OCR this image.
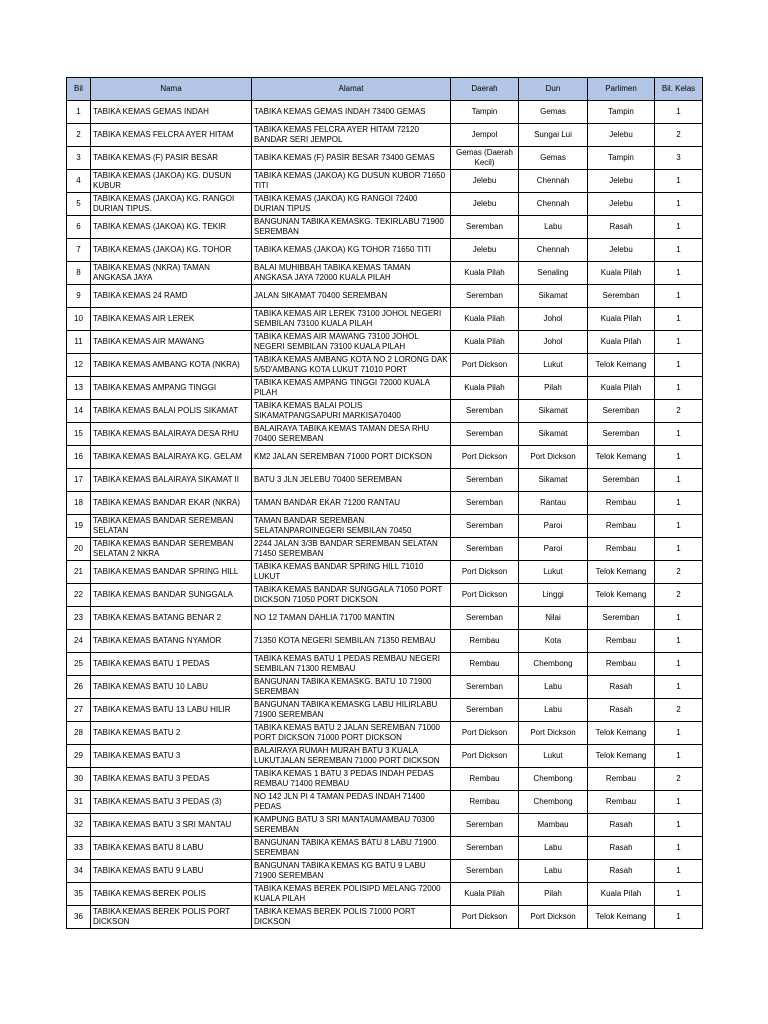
Bil	Nama	Alamat	Daerah	Dun	Parlimen	Bil. Kelas
1	TABIKA KEMAS GEMAS INDAH	TABIKA KEMAS GEMAS INDAH 73400 GEMAS	Tampin	Gemas	Tampin	1
2	TABIKA KEMAS FELCRA AYER HITAM	TABIKA KEMAS FELCRA AYER HITAM 72120 BANDAR SERI JEMPOL	Jempol	Sungai Lui	Jelebu	2
3	TABIKA KEMAS (F) PASIR BESAR	TABIKA KEMAS (F) PASIR BESAR 73400 GEMAS	Gemas (Daerah Kecil)	Gemas	Tampin	3
4	TABIKA KEMAS (JAKOA) KG. DUSUN KUBUR	TABIKA KEMAS (JAKOA) KG DUSUN KUBOR 71650 TITI	Jelebu	Chennah	Jelebu	1
5	TABIKA KEMAS (JAKOA) KG. RANGOI DURIAN TIPUS.	TABIKA KEMAS (JAKOA) KG RANGOI 72400 DURIAN TIPUS	Jelebu	Chennah	Jelebu	1
6	TABIKA KEMAS (JAKOA) KG. TEKIR	BANGUNAN TABIKA KEMASKG. TEKIRLABU 71900 SEREMBAN	Seremban	Labu	Rasah	1
7	TABIKA KEMAS (JAKOA) KG. TOHOR	TABIKA KEMAS (JAKOA) KG TOHOR 71650 TITI	Jelebu	Chennah	Jelebu	1
8	TABIKA KEMAS (NKRA) TAMAN ANGKASA JAYA	BALAI MUHIBBAH TABIKA KEMAS TAMAN ANGKASA JAYA 72000 KUALA PILAH	Kuala Pilah	Senaling	Kuala Pilah	1
9	TABIKA KEMAS 24 RAMD	JALAN SIKAMAT 70400 SEREMBAN	Seremban	Sikamat	Seremban	1
10	TABIKA KEMAS AIR LEREK	TABIKA KEMAS AIR LEREK 73100 JOHOL NEGERI SEMBILAN 73100 KUALA PILAH	Kuala Pilah	Johol	Kuala Pilah	1
11	TABIKA KEMAS AIR MAWANG	TABIKA KEMAS AIR MAWANG 73100 JOHOL NEGERI SEMBILAN 73100 KUALA PILAH	Kuala Pilah	Johol	Kuala Pilah	1
12	TABIKA KEMAS AMBANG KOTA (NKRA)	TABIKA KEMAS AMBANG KOTA NO 2 LORONG DAK 5/5D'AMBANG KOTA LUKUT 71010 PORT	Port Dickson	Lukut	Telok Kemang	1
13	TABIKA KEMAS AMPANG TINGGI	TABIKA KEMAS AMPANG TINGGI 72000 KUALA PILAH	Kuala Pilah	Pilah	Kuala Pilah	1
14	TABIKA KEMAS BALAI POLIS SIKAMAT	TABIKA KEMAS BALAI POLIS SIKAMATPANGSAPURI MARKISA70400	Seremban	Sikamat	Seremban	2
15	TABIKA KEMAS BALAIRAYA DESA RHU	BALAIRAYA TABIKA KEMAS TAMAN DESA RHU 70400 SEREMBAN	Seremban	Sikamat	Seremban	1
16	TABIKA KEMAS BALAIRAYA KG. GELAM	KM2 JALAN SEREMBAN 71000 PORT DICKSON	Port Dickson	Port Dickson	Telok Kemang	1
17	TABIKA KEMAS BALAIRAYA SIKAMAT II	BATU 3 JLN JELEBU 70400 SEREMBAN	Seremban	Sikamat	Seremban	1
18	TABIKA KEMAS BANDAR EKAR (NKRA)	TAMAN BANDAR EKAR 71200 RANTAU	Seremban	Rantau	Rembau	1
19	TABIKA KEMAS BANDAR SEREMBAN SELATAN	TAMAN BANDAR SEREMBAN SELATANPAROINEGERI SEMBILAN 70450	Seremban	Paroi	Rembau	1
20	TABIKA KEMAS BANDAR SEREMBAN SELATAN 2 NKRA	2244 JALAN 3/3B BANDAR SEREMBAN SELATAN 71450 SEREMBAN	Seremban	Paroi	Rembau	1
21	TABIKA KEMAS BANDAR SPRING HILL	TABIKA KEMAS BANDAR SPRING HILL 71010 LUKUT	Port Dickson	Lukut	Telok Kemang	2
22	TABIKA KEMAS BANDAR SUNGGALA	TABIKA KEMAS BANDAR SUNGGALA 71050 PORT DICKSON 71050 PORT DICKSON	Port Dickson	Linggi	Telok Kemang	2
23	TABIKA KEMAS BATANG BENAR 2	NO 12 TAMAN DAHLIA 71700 MANTIN	Seremban	Nilai	Seremban	1
24	TABIKA KEMAS BATANG NYAMOR	71350 KOTA NEGERI SEMBILAN 71350 REMBAU	Rembau	Kota	Rembau	1
25	TABIKA KEMAS BATU 1 PEDAS	TABIKA KEMAS BATU 1 PEDAS REMBAU NEGERI SEMBILAN 71300 REMBAU	Rembau	Chembong	Rembau	1
26	TABIKA KEMAS BATU 10 LABU	BANGUNAN TABIKA KEMASKG. BATU 10 71900 SEREMBAN	Seremban	Labu	Rasah	1
27	TABIKA KEMAS BATU 13 LABU HILIR	BANGUNAN TABIKA KEMASKG LABU HILIRLABU 71900 SEREMBAN	Seremban	Labu	Rasah	2
28	TABIKA KEMAS BATU 2	TABIKA KEMAS BATU 2 JALAN SEREMBAN 71000 PORT DICKSON 71000 PORT DICKSON	Port Dickson	Port Dickson	Telok Kemang	1
29	TABIKA KEMAS BATU 3	BALAIRAYA RUMAH MURAH BATU 3 KUALA LUKUTJALAN SEREMBAN 71000 PORT DICKSON	Port Dickson	Lukut	Telok Kemang	1
30	TABIKA KEMAS BATU 3 PEDAS	TABIKA KEMAS 1 BATU 3 PEDAS INDAH PEDAS REMBAU 71400 REMBAU	Rembau	Chembong	Rembau	2
31	TABIKA KEMAS BATU 3 PEDAS (3)	NO 142 JLN PI 4 TAMAN PEDAS INDAH 71400 PEDAS	Rembau	Chembong	Rembau	1
32	TABIKA KEMAS BATU 3 SRI MANTAU	KAMPUNG BATU 3 SRI MANTAUMAMBAU 70300 SEREMBAN	Seremban	Mambau	Rasah	1
33	TABIKA KEMAS BATU 8 LABU	BANGUNAN TABIKA KEMAS BATU 8 LABU 71900 SEREMBAN	Seremban	Labu	Rasah	1
34	TABIKA KEMAS BATU 9 LABU	BANGUNAN TABIKA KEMAS KG BATU 9 LABU 71900 SEREMBAN	Seremban	Labu	Rasah	1
35	TABIKA KEMAS BEREK POLIS	TABIKA KEMAS BEREK POLISIPD MELANG 72000 KUALA PILAH	Kuala Pilah	Pilah	Kuala Pilah	1
36	TABIKA KEMAS BEREK POLIS PORT DICKSON	TABIKA KEMAS BEREK POLIS 71000 PORT DICKSON	Port Dickson	Port Dickson	Telok Kemang	1
